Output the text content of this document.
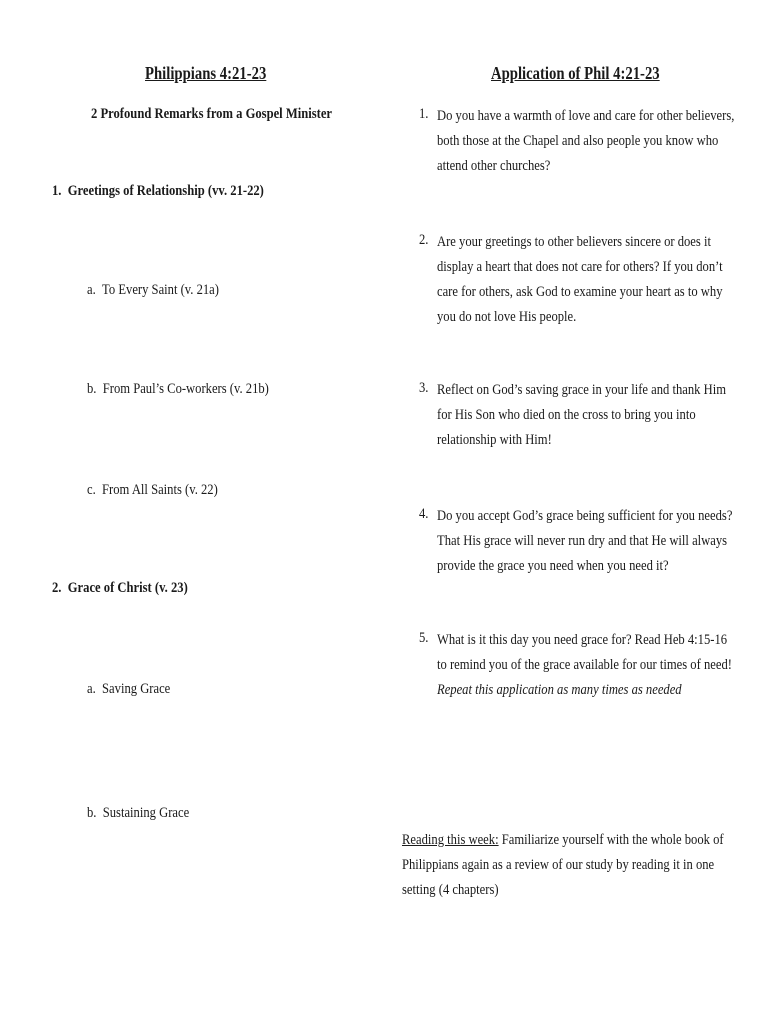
Philippians 4:21-23
2 Profound Remarks from a Gospel Minister
1. Greetings of Relationship (vv. 21-22)
a. To Every Saint (v. 21a)
b. From Paul’s Co-workers (v. 21b)
c. From All Saints (v. 22)
2. Grace of Christ (v. 23)
a. Saving Grace
b. Sustaining Grace
Application of Phil 4:21-23
1. Do you have a warmth of love and care for other believers, both those at the Chapel and also people you know who attend other churches?
2. Are your greetings to other believers sincere or does it display a heart that does not care for others? If you don’t care for others, ask God to examine your heart as to why you do not love His people.
3. Reflect on God’s saving grace in your life and thank Him for His Son who died on the cross to bring you into relationship with Him!
4. Do you accept God’s grace being sufficient for you needs? That His grace will never run dry and that He will always provide the grace you need when you need it?
5. What is it this day you need grace for? Read Heb 4:15-16 to remind you of the grace available for our times of need! Repeat this application as many times as needed
Reading this week: Familiarize yourself with the whole book of Philippians again as a review of our study by reading it in one setting (4 chapters)
